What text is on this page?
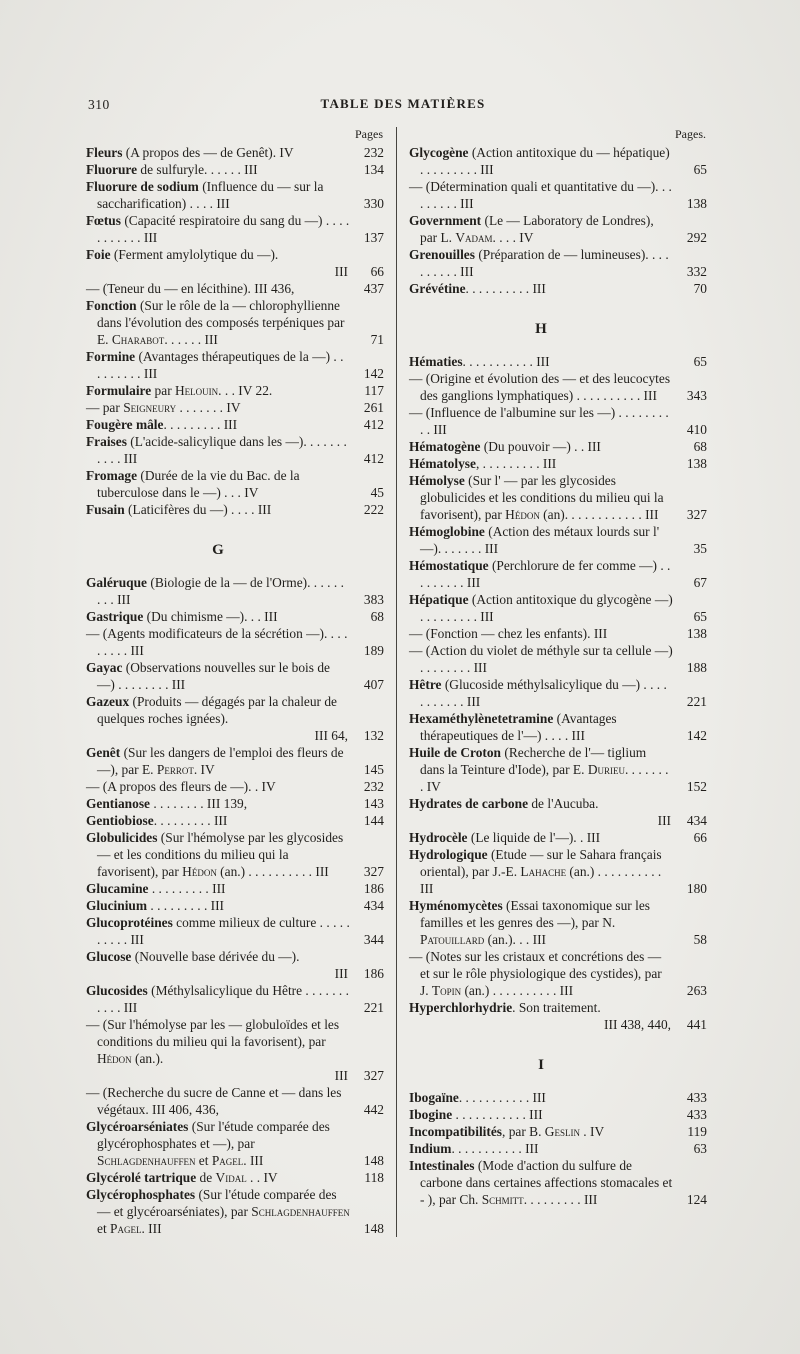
310	TABLE DES MATIÈRES
Pages
Fleurs (A propos des — de Genêt). IV	232
Fluorure de sulfuryle. . . . . . III	134
Fluorure de sodium (Influence du — sur la saccharification) . . . . III	330
Fœtus (Capacité respiratoire du sang du —) . . . . . . . . . . . III	137
Foie (Ferment amylolytique du —).
III	66
— (Teneur du — en lécithine). III 436,	437
Fonction (Sur le rôle de la — chlorophyllienne dans l'évolution des composés terpéniques par E. Charabot. . . . . . III	71
Formine (Avantages thérapeutiques de la —) . . . . . . . . . III	142
Formulaire par Helouin. . . IV 22.	117
— par Seigneury . . . . . . . IV	261
Fougère mâle. . . . . . . . . III	412
Fraises (L'acide-salicylique dans les —). . . . . . . . . . . III	412
Fromage (Durée de la vie du Bac. de la tuberculose dans le —) . . . IV	45
Fusain (Laticifères du —) . . . . III	222
G
Galéruque (Biologie de la — de l'Orme). . . . . . . . . III	383
Gastrique (Du chimisme —). . . III	68
— (Agents modificateurs de la sécrétion —). . . . . . . . . III	189
Gayac (Observations nouvelles sur le bois de —) . . . . . . . . III	407
Gazeux (Produits — dégagés par la chaleur de quelques roches ignées).
III 64,	132
Genêt (Sur les dangers de l'emploi des fleurs de —), par E. Perrot. IV	145
— (A propos des fleurs de —). . IV	232
Gentianose . . . . . . . . III 139,	143
Gentiobiose. . . . . . . . . III	144
Globulicides (Sur l'hémolyse par les glycosides — et les conditions du milieu qui la favorisent), par Hédon (an.) . . . . . . . . . . III	327
Glucamine . . . . . . . . . III	186
Glucinium . . . . . . . . . III	434
Glucoprotéines comme milieux de culture . . . . . . . . . . III	344
Glucose (Nouvelle base dérivée du —).
III	186
Glucosides (Méthylsalicylique du Hêtre . . . . . . . . . . . III	221
— (Sur l'hémolyse par les — globuloïdes et les conditions du milieu qui la favorisent), par Hédon (an.).
III	327
— (Recherche du sucre de Canne et — dans les végétaux. III 406, 436,	442
Glycéroarséniates (Sur l'étude comparée des glycérophosphates et —), par Schlagdenhauffen et Pagel. III	148
Glycérolé tartrique de Vidal . . IV	118
Glycérophosphates (Sur l'étude comparée des — et glycéroarséniates), par Schlagdenhauffen et Pagel. III	148
Pages.
Glycogène (Action antitoxique du — hépatique) . . . . . . . . . III	65
— (Détermination quali et quantitative du —). . . . . . . . . III	138
Government (Le — Laboratory de Londres), par L. Vadam. . . . IV	292
Grenouilles (Préparation de — lumineuses). . . . . . . . . . III	332
Grévétine. . . . . . . . . . III	70
H
Hématies. . . . . . . . . . . III	65
— (Origine et évolution des — et des leucocytes des ganglions lymphatiques) . . . . . . . . . . III	343
— (Influence de l'albumine sur les —) . . . . . . . . . . III	410
Hématogène (Du pouvoir —) . . III	68
Hématolyse, . . . . . . . . . III	138
Hémolyse (Sur l' — par les glycosides globulicides et les conditions du milieu qui la favorisent), par Hédon (an). . . . . . . . . . . . III	327
Hémoglobine (Action des métaux lourds sur l' —). . . . . . . III	35
Hémostatique (Perchlorure de fer comme —) . . . . . . . . . III	67
Hépatique (Action antitoxique du glycogène —) . . . . . . . . . III	65
— (Fonction — chez les enfants). III	138
— (Action du violet de méthyle sur ta cellule —) . . . . . . . . III	188
Hêtre (Glucoside méthylsalicylique du —) . . . . . . . . . . . III	221
Hexaméthylènetetramine (Avantages thérapeutiques de l'—) . . . . III	142
Huile de Croton (Recherche de l'— tiglium dans la Teinture d'Iode), par E. Durieu. . . . . . . . IV	152
Hydrates de carbone de l'Aucuba.
III	434
Hydrocèle (Le liquide de l'—). . III	66
Hydrologique (Etude — sur le Sahara français oriental), par J.-E. Lahache (an.) . . . . . . . . . . III	180
Hyménomycètes (Essai taxonomique sur les familles et les genres des —), par N. Patouillard (an.). . . III	58
— (Notes sur les cristaux et concrétions des — et sur le rôle physiologique des cystides), par J. Topin (an.) . . . . . . . . . . III	263
Hyperchlorhydrie. Son traitement.
III 438, 440,	441
I
Ibogaïne. . . . . . . . . . . III	433
Ibogine . . . . . . . . . . . III	433
Incompatibilités, par B. Geslin . IV	119
Indium. . . . . . . . . . . III	63
Intestinales (Mode d'action du sulfure de carbone dans certaines affections stomacales et - ), par Ch. Schmitt. . . . . . . . . III	124
